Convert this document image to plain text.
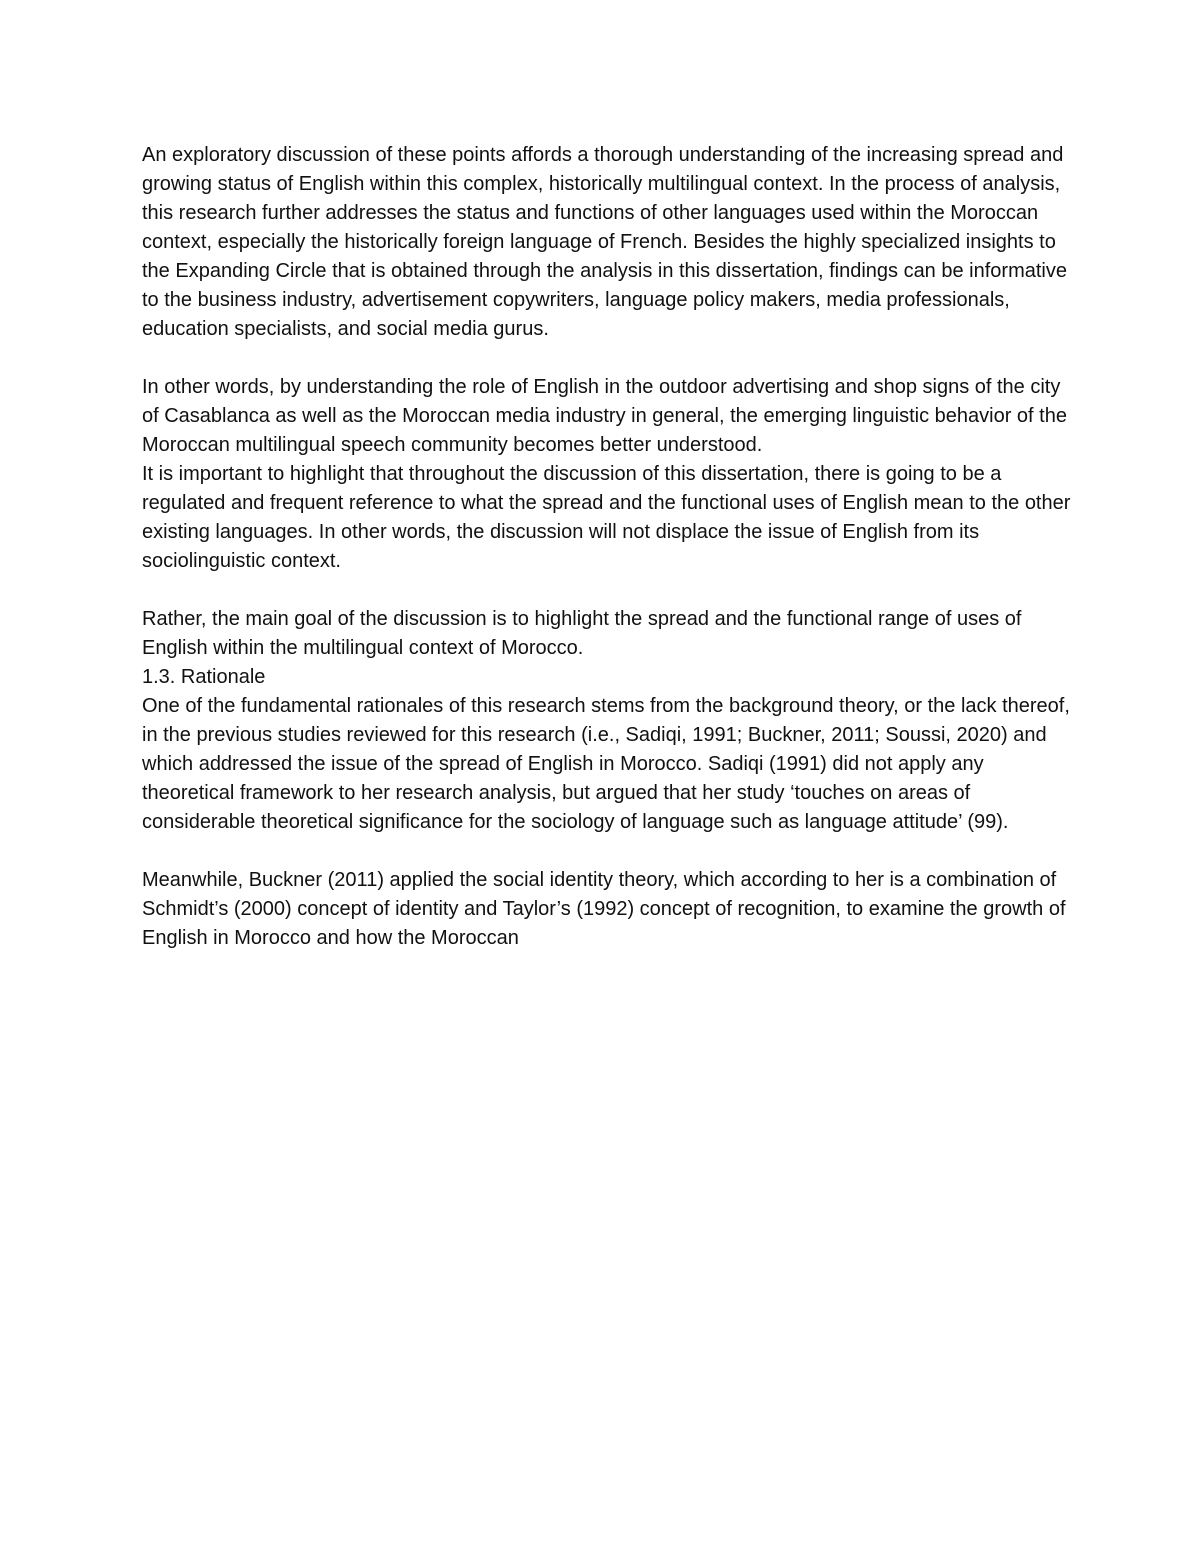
An exploratory discussion of these points affords a thorough understanding of the increasing spread and growing status of English within this complex, historically multilingual context. In the process of analysis, this research further addresses the status and functions of other languages used within the Moroccan context, especially the historically foreign language of French. Besides the highly specialized insights to the Expanding Circle that is obtained through the analysis in this dissertation, findings can be informative to the business industry, advertisement copywriters, language policy makers, media professionals, education specialists, and social media gurus.

In other words, by understanding the role of English in the outdoor advertising and shop signs of the city of Casablanca as well as the Moroccan media industry in general, the emerging linguistic behavior of the Moroccan multilingual speech community becomes better understood.

It is important to highlight that throughout the discussion of this dissertation, there is going to be a regulated and frequent reference to what the spread and the functional uses of English mean to the other existing languages. In other words, the discussion will not displace the issue of English from its sociolinguistic context.

Rather, the main goal of the discussion is to highlight the spread and the functional range of uses of English within the multilingual context of Morocco.

1.3. Rationale

One of the fundamental rationales of this research stems from the background theory, or the lack thereof, in the previous studies reviewed for this research (i.e., Sadiqi, 1991; Buckner, 2011; Soussi, 2020) and which addressed the issue of the spread of English in Morocco. Sadiqi (1991) did not apply any theoretical framework to her research analysis, but argued that her study ‘touches on areas of considerable theoretical significance for the sociology of language such as language attitude’ (99).

Meanwhile, Buckner (2011) applied the social identity theory, which according to her is a combination of Schmidt’s (2000) concept of identity and Taylor’s (1992) concept of recognition, to examine the growth of English in Morocco and how the Moroccan
